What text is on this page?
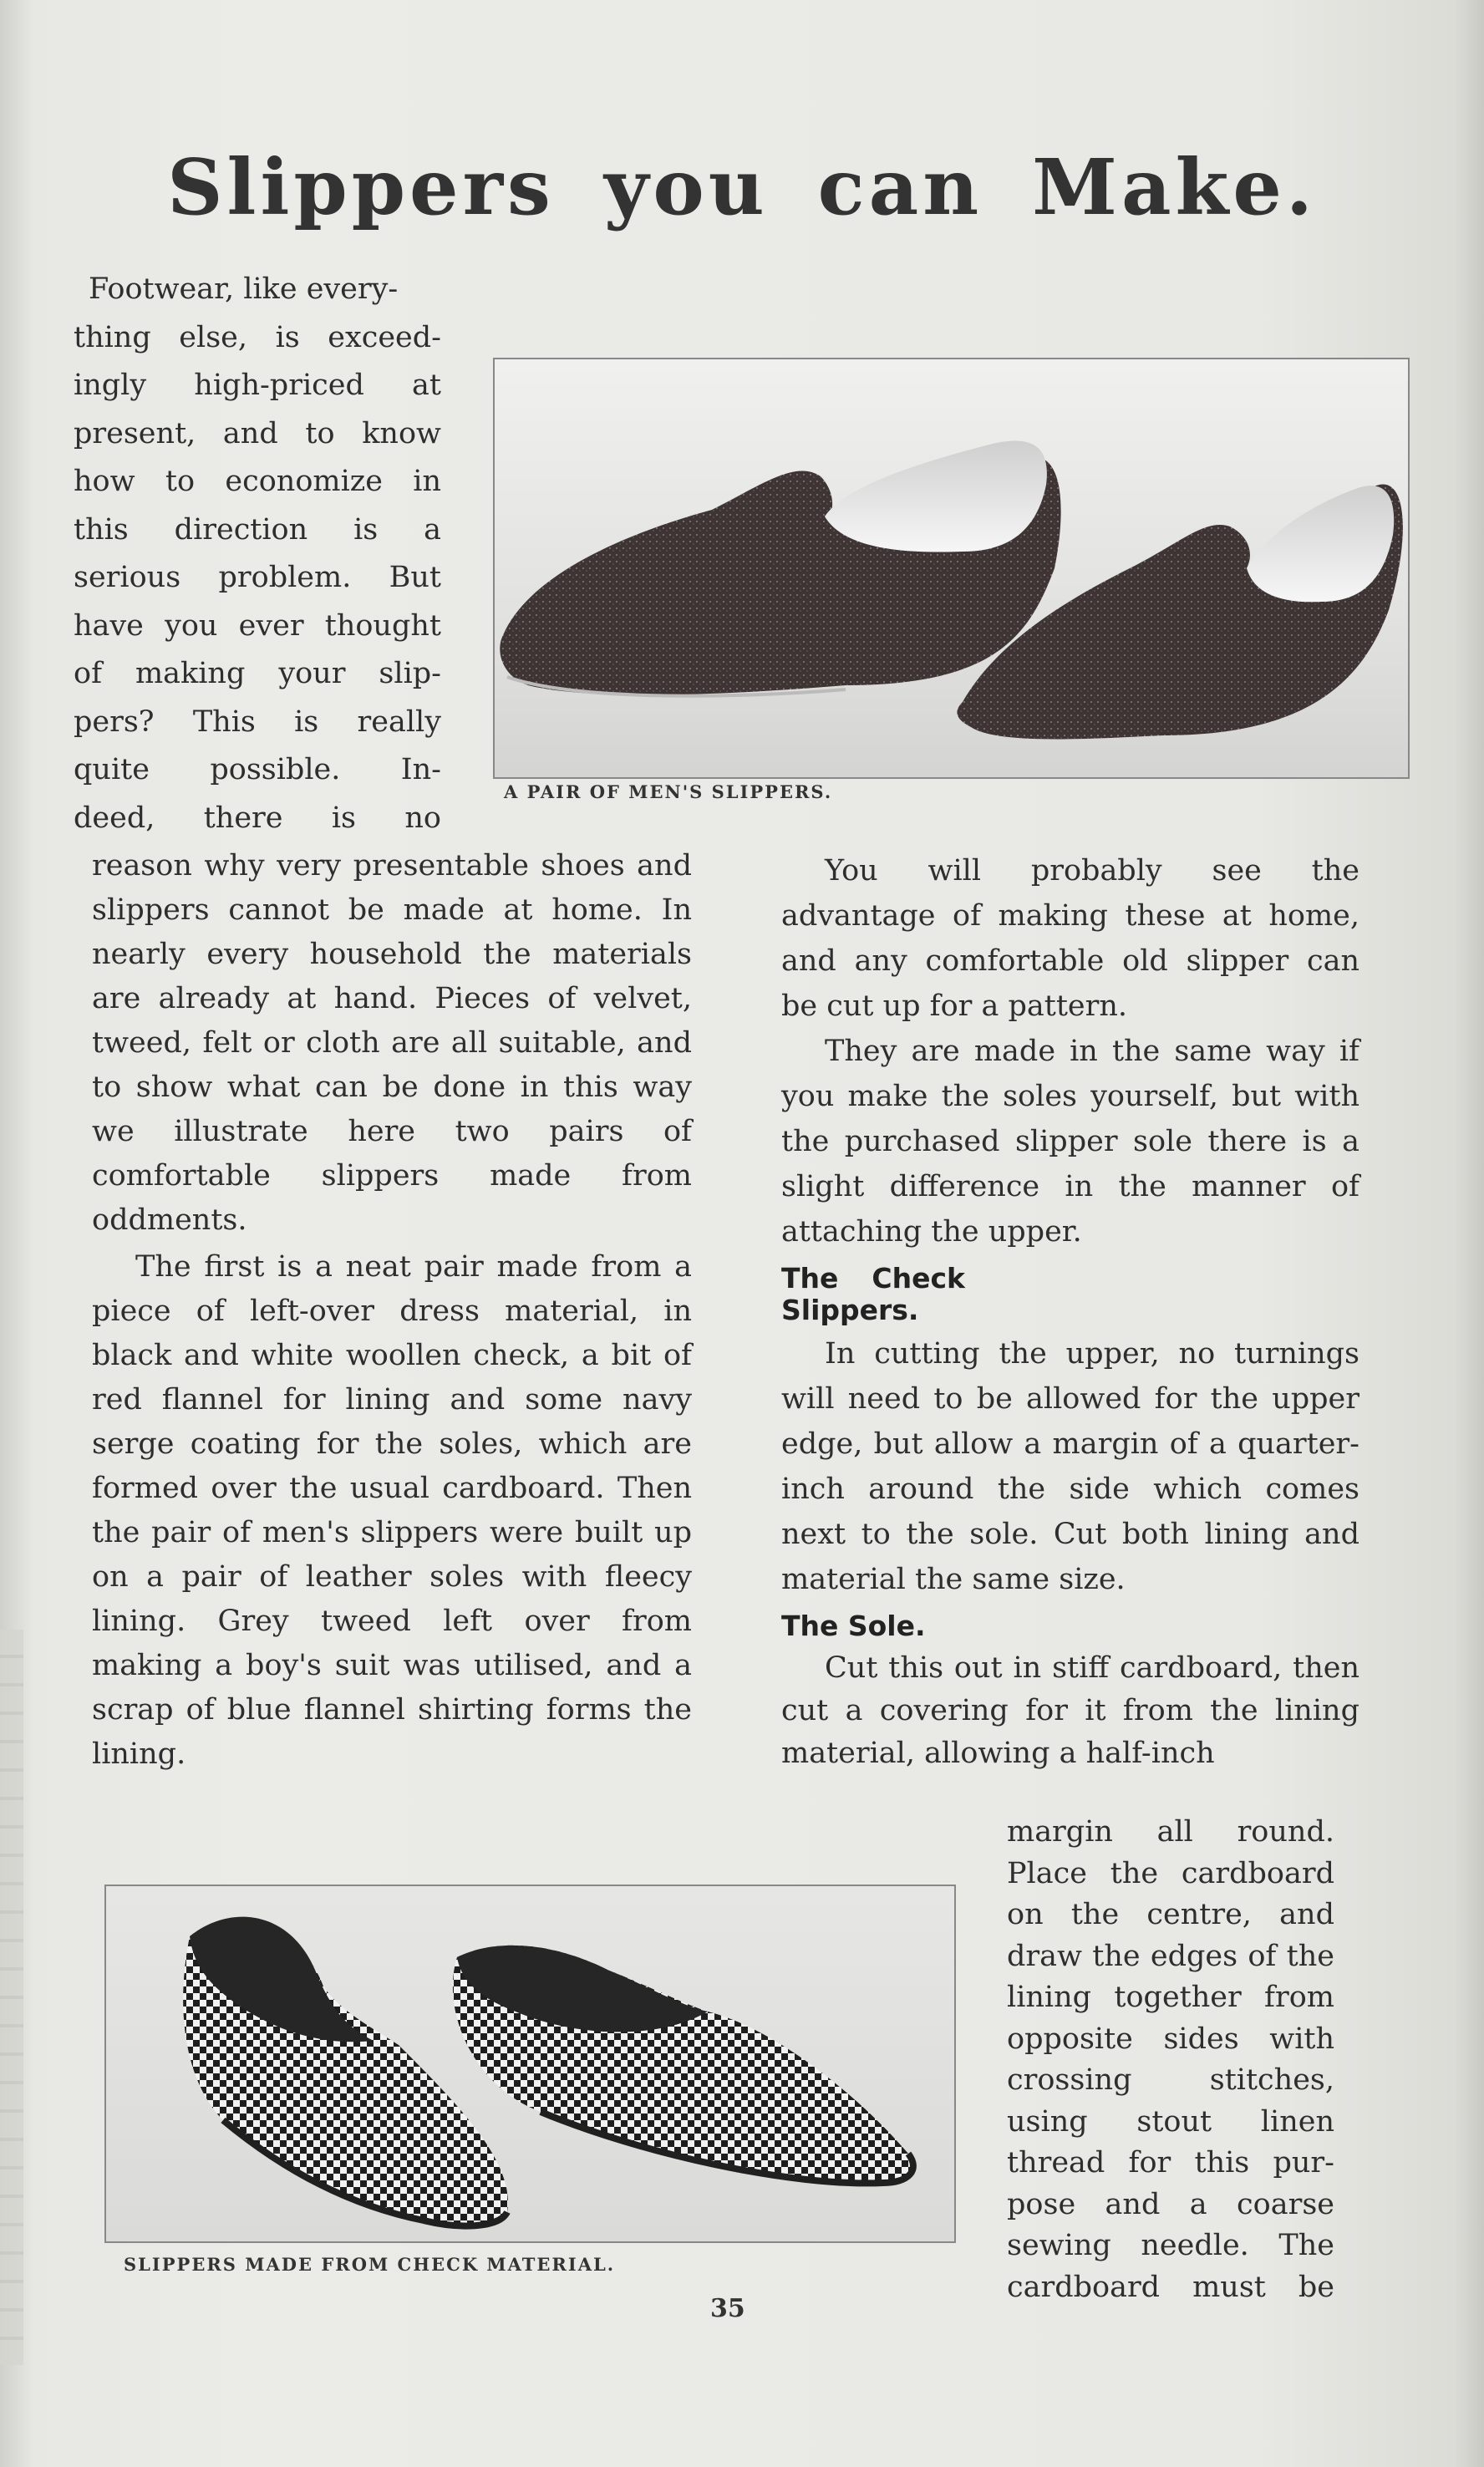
Slippers you can Make.
Footwear, like every-
thing else, is exceed-
ingly high-priced at
present, and to know
how to economize in
this direction is a
serious problem. But
have you ever thought
of making your slip-
pers? This is really
quite possible. In-
deed, there is no
A PAIR OF MEN'S SLIPPERS.

reason why very presentable shoes and slippers cannot be made at home. In nearly every household the materials are already at hand. Pieces of velvet, tweed, felt or cloth are all suitable, and to show what can be done in this way we illustrate here two pairs of comfortable slippers made from oddments.

The first is a neat pair made from a piece of left-over dress material, in black and white woollen check, a bit of red flannel for lining and some navy serge coating for the soles, which are formed over the usual cardboard. Then the pair of men's slippers were built up on a pair of leather soles with fleecy lining. Grey tweed left over from making a boy's suit was utilised, and a scrap of blue flannel shirting forms the lining.

You will probably see the advantage of making these at home, and any comfortable old slipper can be cut up for a pattern.

They are made in the same way if you make the soles yourself, but with the purchased slipper sole there is a slight difference in the manner of attaching the upper.

The Check Slippers.

In cutting the upper, no turnings will need to be allowed for the upper edge, but allow a margin of a quarter-inch around the side which comes next to the sole. Cut both lining and material the same size.

The Sole.

Cut this out in stiff cardboard, then cut a covering for it from the lining material, allowing a half-inch

margin all round.
Place the cardboard
on the centre, and
draw the edges of the
lining together from
opposite sides with
crossing stitches,
using stout linen
thread for this pur-
pose and a coarse
sewing needle. The
cardboard must be
SLIPPERS MADE FROM CHECK MATERIAL.
35
